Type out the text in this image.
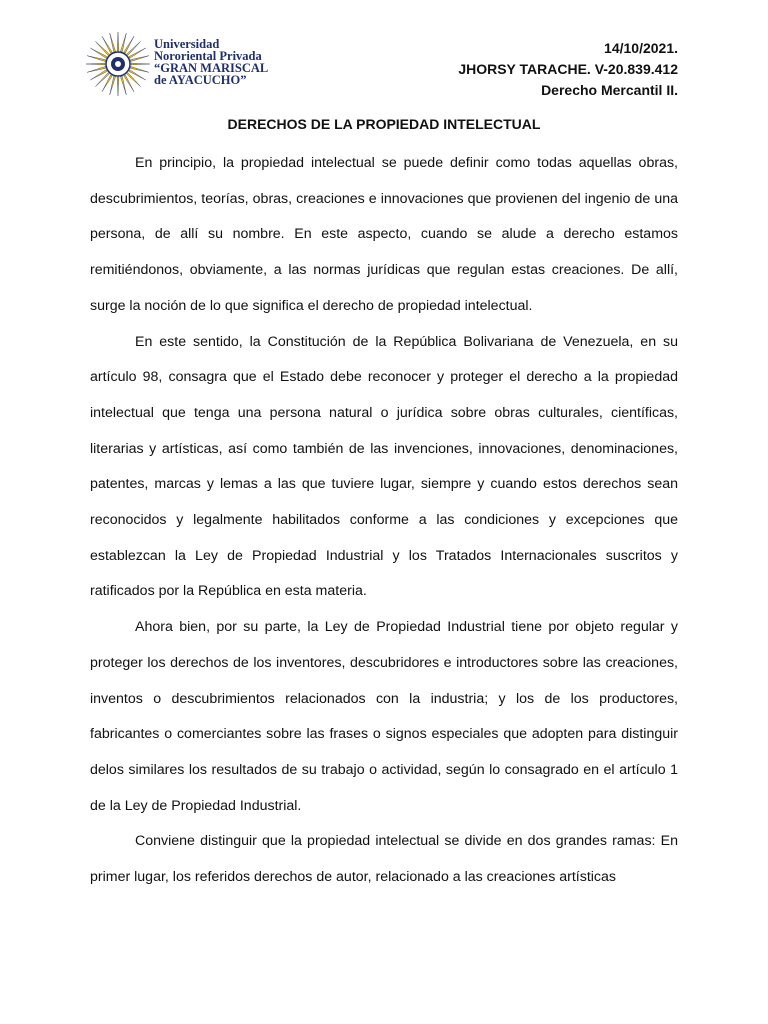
Universidad
Nororiental Privada
“GRAN MARISCAL
de AYACUCHO”
14/10/2021.
JHORSY TARACHE. V-20.839.412
Derecho Mercantil II.
DERECHOS DE LA PROPIEDAD INTELECTUAL

En principio, la propiedad intelectual se puede definir como todas aquellas obras, descubrimientos, teorías, obras, creaciones e innovaciones que provienen del ingenio de una persona, de allí su nombre. En este aspecto, cuando se alude a derecho estamos remitiéndonos, obviamente, a las normas jurídicas que regulan estas creaciones. De allí, surge la noción de lo que significa el derecho de propiedad intelectual.

En este sentido, la Constitución de la República Bolivariana de Venezuela, en su artículo 98, consagra que el Estado debe reconocer y proteger el derecho a la propiedad intelectual que tenga una persona natural o jurídica sobre obras culturales, científicas, literarias y artísticas, así como también de las invenciones, innovaciones, denominaciones, patentes, marcas y lemas a las que tuviere lugar, siempre y cuando estos derechos sean reconocidos y legalmente habilitados conforme a las condiciones y excepciones que establezcan la Ley de Propiedad Industrial y los Tratados Internacionales suscritos y ratificados por la República en esta materia.

Ahora bien, por su parte, la Ley de Propiedad Industrial tiene por objeto regular y proteger los derechos de los inventores, descubridores e introductores sobre las creaciones, inventos o descubrimientos relacionados con la industria; y los de los productores, fabricantes o comerciantes sobre las frases o signos especiales que adopten para distinguir delos similares los resultados de su trabajo o actividad, según lo consagrado en el artículo 1 de la Ley de Propiedad Industrial.

Conviene distinguir que la propiedad intelectual se divide en dos grandes ramas: En primer lugar, los referidos derechos de autor, relacionado a las creaciones artísticas
